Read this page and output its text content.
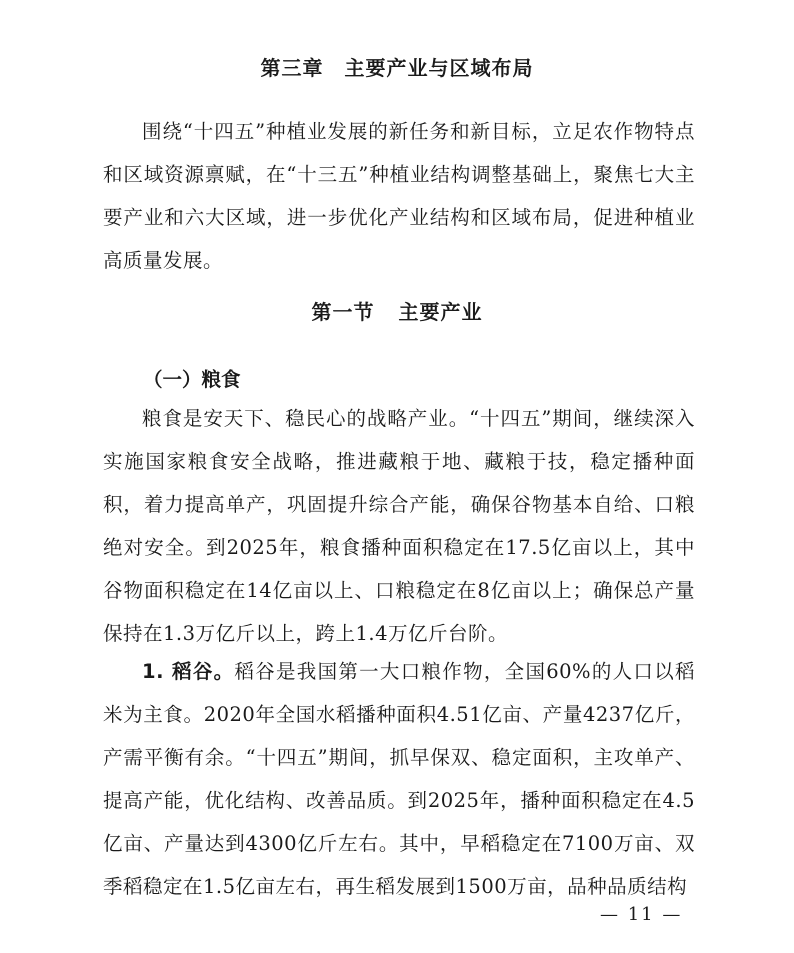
第三章　主要产业与区域布局
围绕“十四五”种植业发展的新任务和新目标，立足农作物特点和区域资源禀赋，在“十三五”种植业结构调整基础上，聚焦七大主要产业和六大区域，进一步优化产业结构和区域布局，促进种植业高质量发展。
第一节 主要产业
（一）粮食
粮食是安天下、稳民心的战略产业。“十四五”期间，继续深入实施国家粮食安全战略，推进藏粮于地、藏粮于技，稳定播种面积，着力提高单产，巩固提升综合产能，确保谷物基本自给、口粮绝对安全。到2025年，粮食播种面积稳定在17.5亿亩以上，其中谷物面积稳定在14亿亩以上、口粮稳定在8亿亩以上；确保总产量保持在1.3万亿斤以上，跨上1.4万亿斤台阶。
1. 稻谷。稻谷是我国第一大口粮作物，全国60%的人口以稻米为主食。2020年全国水稻播种面积4.51亿亩、产量4237亿斤，产需平衡有余。“十四五”期间，抓早保双、稳定面积，主攻单产、提高产能，优化结构、改善品质。到2025年，播种面积稳定在4.5亿亩、产量达到4300亿斤左右。其中，早稻稳定在7100万亩、双季稻稳定在1.5亿亩左右，再生稻发展到1500万亩，品种品质结构
— 11 —
